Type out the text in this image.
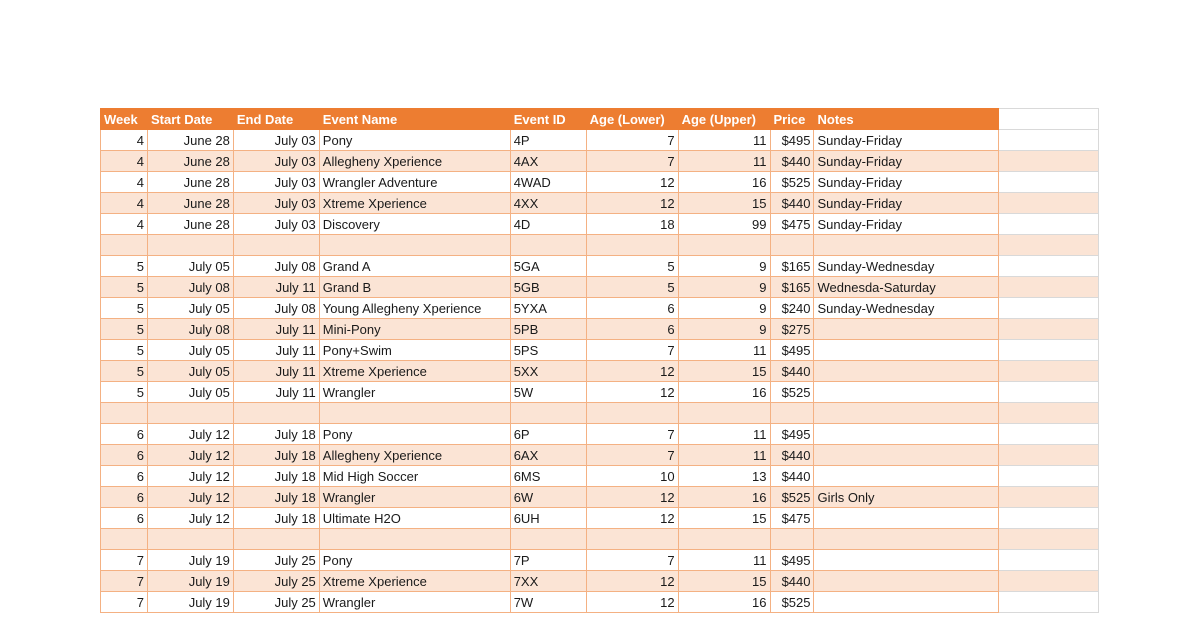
Week	Start Date	End Date	Event Name	Event ID	Age (Lower)	Age (Upper)	Price	Notes	
4	June 28	July 03	Pony	4P	7	11	$495	Sunday-Friday	
4	June 28	July 03	Allegheny Xperience	4AX	7	11	$440	Sunday-Friday	
4	June 28	July 03	Wrangler Adventure	4WAD	12	16	$525	Sunday-Friday	
4	June 28	July 03	Xtreme Xperience	4XX	12	15	$440	Sunday-Friday	
4	June 28	July 03	Discovery	4D	18	99	$475	Sunday-Friday	

5	July 05	July 08	Grand A	5GA	5	9	$165	Sunday-Wednesday	
5	July 08	July 11	Grand B	5GB	5	9	$165	Wednesda-Saturday	
5	July 05	July 08	Young Allegheny Xperience	5YXA	6	9	$240	Sunday-Wednesday	
5	July 08	July 11	Mini-Pony	5PB	6	9	$275		
5	July 05	July 11	Pony+Swim	5PS	7	11	$495		
5	July 05	July 11	Xtreme Xperience	5XX	12	15	$440		
5	July 05	July 11	Wrangler	5W	12	16	$525		

6	July 12	July 18	Pony	6P	7	11	$495		
6	July 12	July 18	Allegheny Xperience	6AX	7	11	$440		
6	July 12	July 18	Mid High Soccer	6MS	10	13	$440		
6	July 12	July 18	Wrangler	6W	12	16	$525	Girls Only	
6	July 12	July 18	Ultimate H2O	6UH	12	15	$475		

7	July 19	July 25	Pony	7P	7	11	$495		
7	July 19	July 25	Xtreme Xperience	7XX	12	15	$440		
7	July 19	July 25	Wrangler	7W	12	16	$525		
